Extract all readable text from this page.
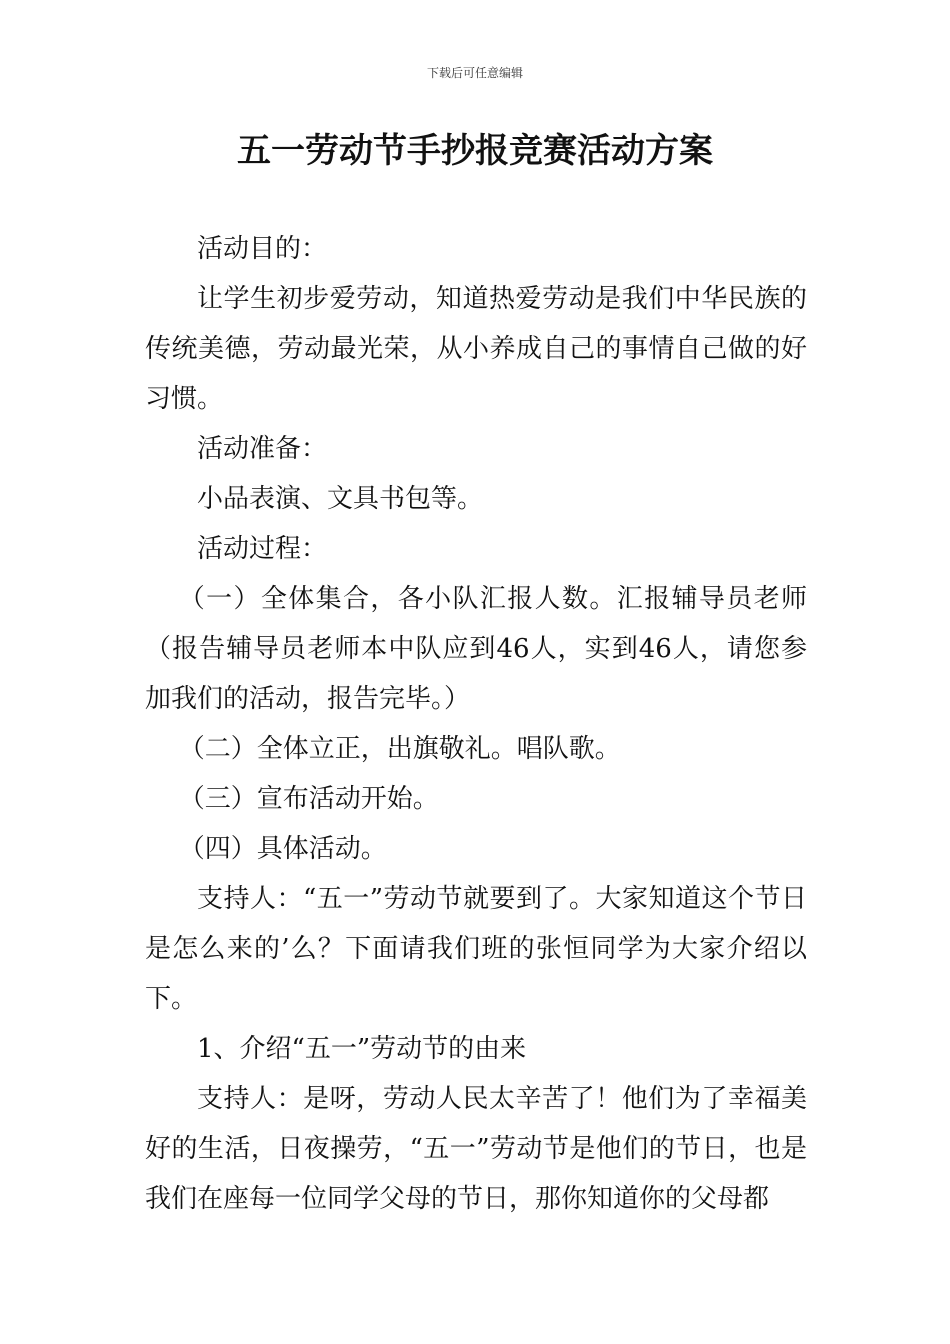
下载后可任意编辑
五一劳动节手抄报竞赛活动方案

活动目的：

让学生初步爱劳动，知道热爱劳动是我们中华民族的传统美德，劳动最光荣，从小养成自己的事情自己做的好习惯。

活动准备：

小品表演、文具书包等。

活动过程：

（一）全体集合，各小队汇报人数。汇报辅导员老师（报告辅导员老师本中队应到46人，实到46人，请您参加我们的活动，报告完毕。）

（二）全体立正，出旗敬礼。唱队歌。

（三）宣布活动开始。

（四）具体活动。

支持人：“五一”劳动节就要到了。大家知道这个节日是怎么来的’么？下面请我们班的张恒同学为大家介绍以下。

1、介绍“五一”劳动节的由来

支持人：是呀，劳动人民太辛苦了！他们为了幸福美好的生活，日夜操劳，“五一”劳动节是他们的节日，也是我们在座每一位同学父母的节日，那你知道你的父母都
